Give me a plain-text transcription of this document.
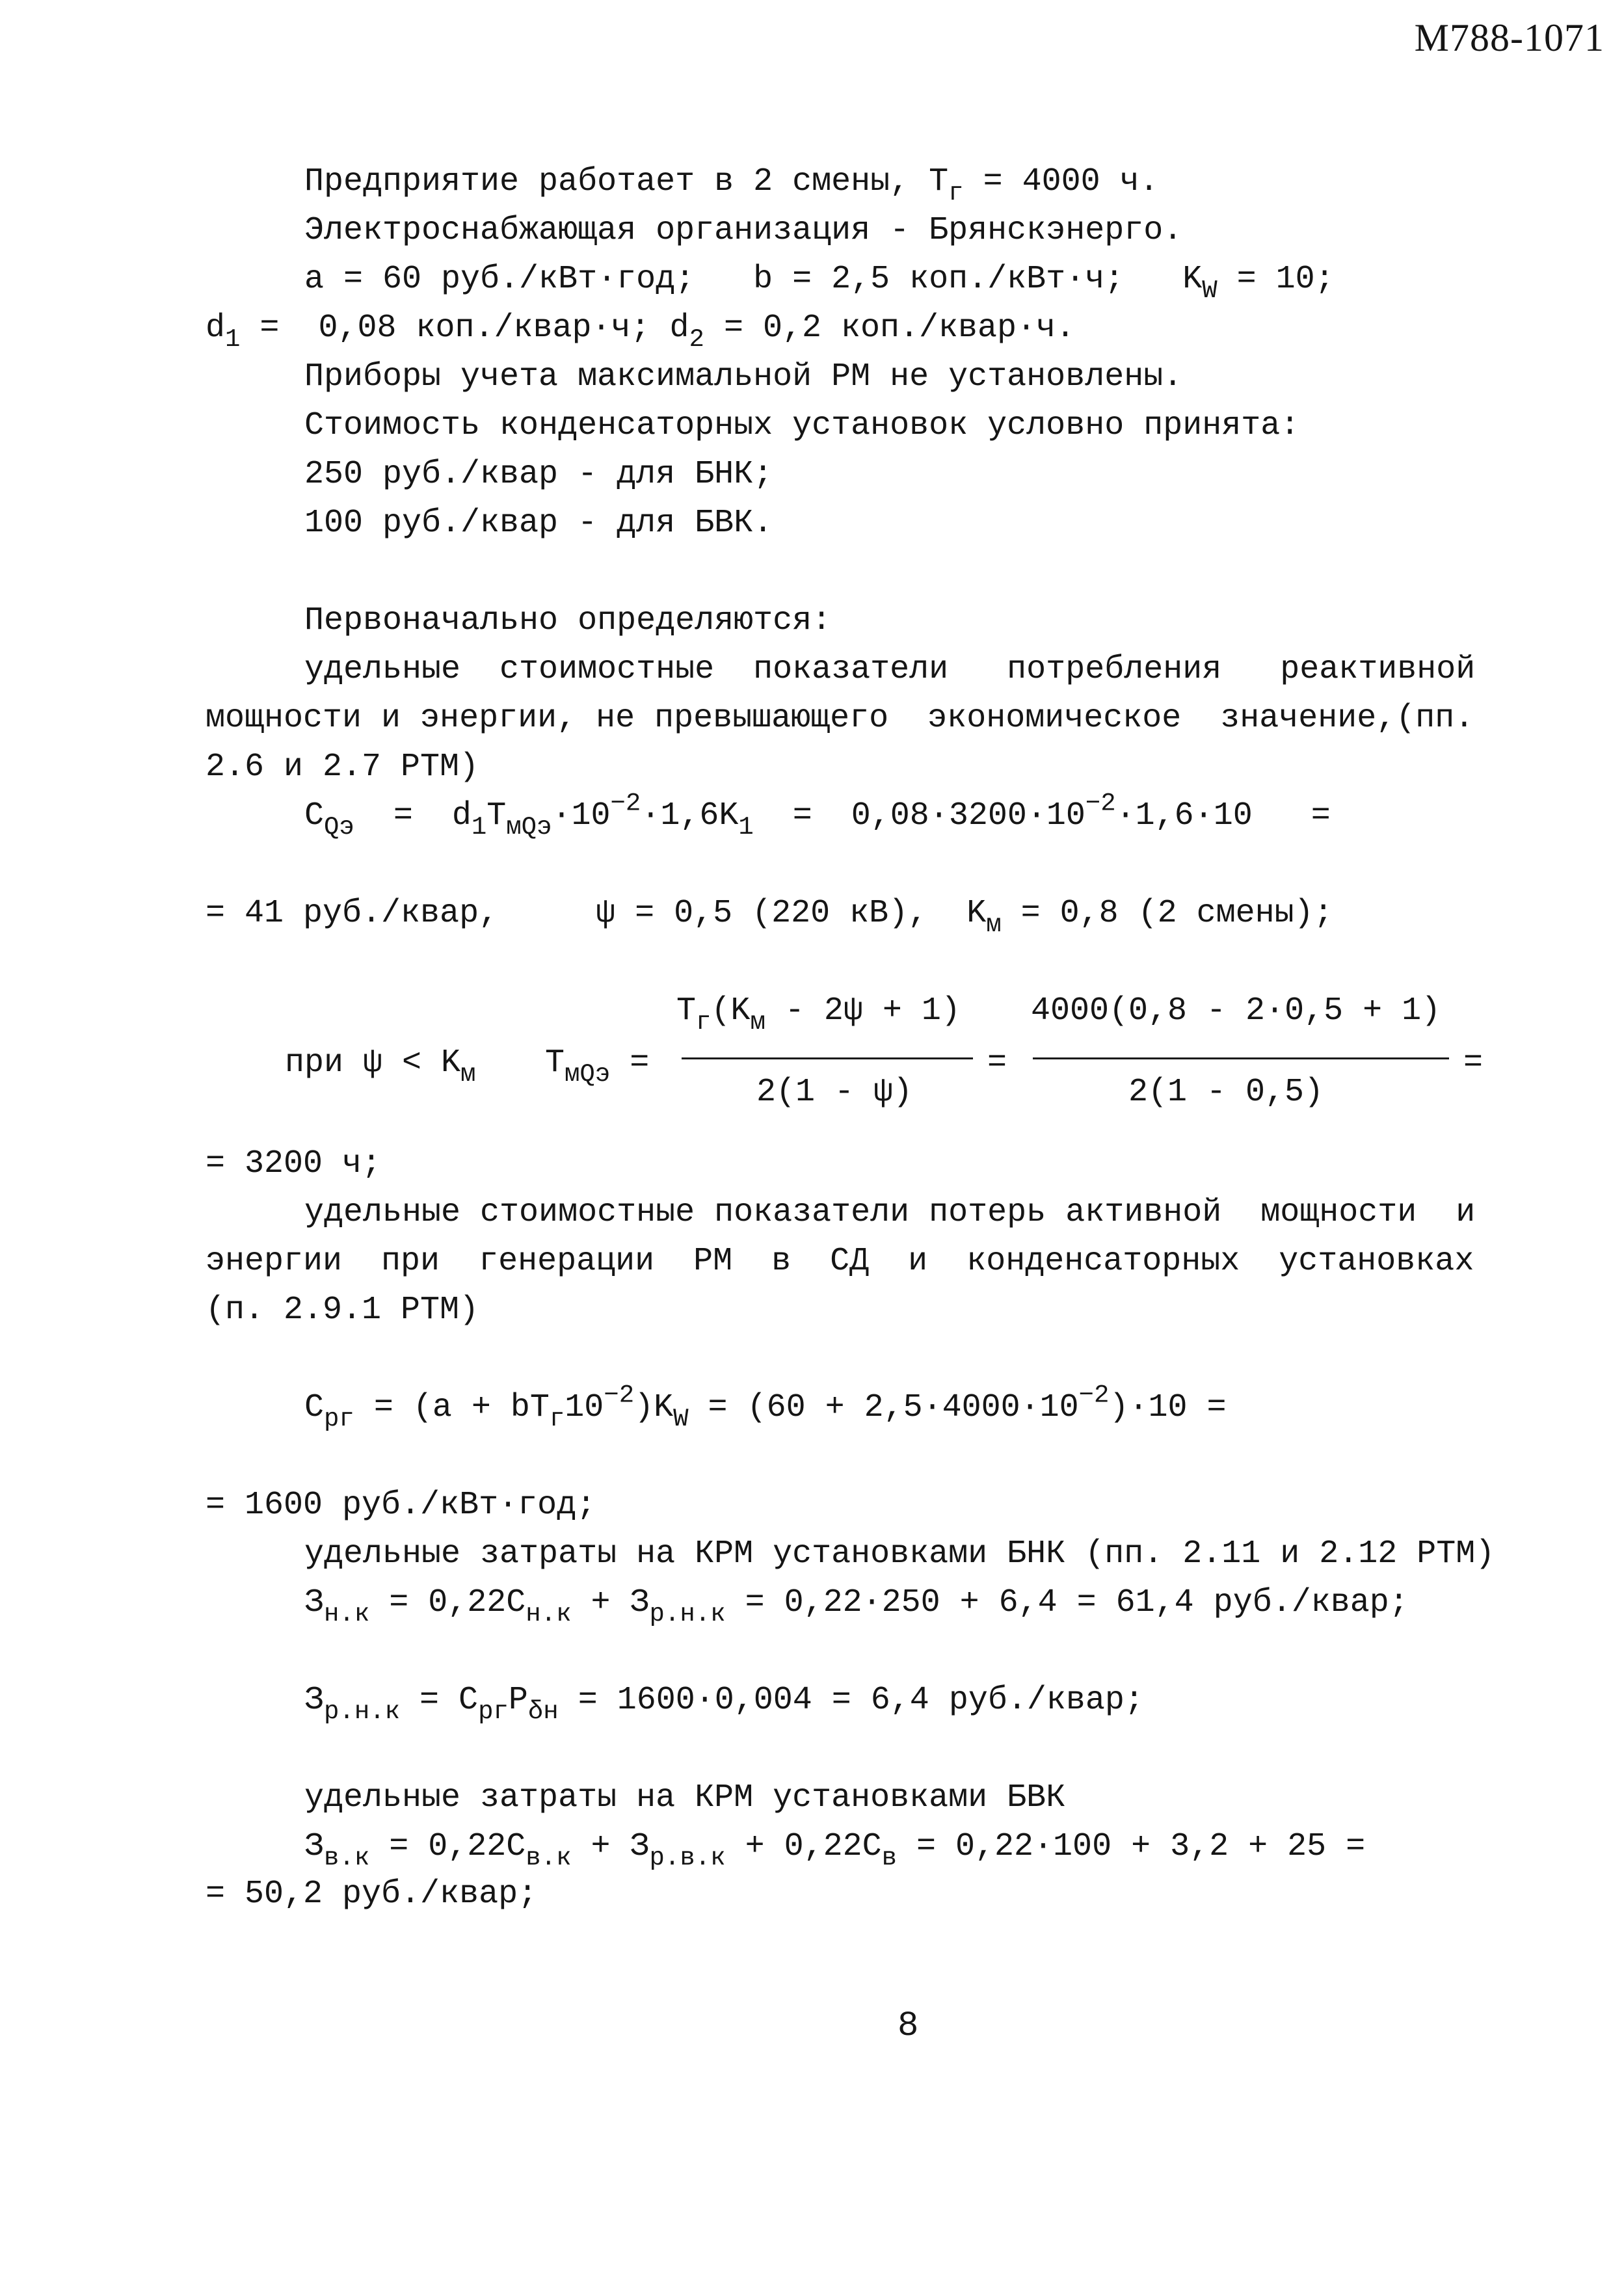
M788-1071
Предприятие работает в 2 смены, $T_г = 4000$ ч.
Электроснабжающая организация - Брянскэнерго.
a = 60 руб./кВт·год;   b = 2,5 коп./кВт·ч;   $K_W = 10$;
$d_1 = 0,08$ коп./квар·ч; $d_2 = 0,2$ коп./квар·ч.
Приборы учета максимальной РМ не установлены.
Стоимость конденсаторных установок условно принята:
250 руб./квар - для БНК;
100 руб./квар - для БВК.
Первоначально определяются:
удельные  стоимостные  показатели   потребления   реактивной
мощности и энергии, не превышающего  экономическое  значение,(пп.
2.6 и 2.7 РТМ)
$C_{Qэ} = d_1T_{мQэ}\cdot 10^{-2}\cdot 1,6K_1 = 0,08\cdot 3200\cdot 10^{-2}\cdot 1,6\cdot 10$   =
= 41 руб./квар,     ψ = 0,5 (220 кВ),  $K_м = 0,8$ (2 смены);
при $\psi < K_м$ $T_{мQэ}$ =
$T_г(K_м - 2\psi + 1)$
2(1 - ψ)
=
4000(0,8 - 2·0,5 + 1)
2(1 - 0,5)
=
= 3200 ч;
удельные стоимостные показатели потерь активной  мощности  и
энергии  при  генерации  РМ  в  СД  и  конденсаторных  установках
(п. 2.9.1 РТМ)
$C_{рг} = (a + bT_г10^{-2})K_W = (60 + 2,5\cdot 4000\cdot 10^{-2})\cdot 10$ =
= 1600 руб./кВт·год;
удельные затраты на КРМ установками БНК (пп. 2.11 и 2.12 РТМ)
$З_{н.к} = 0,22C_{н.к} + З_{р.н.к} = 0,22\cdot 250 + 6,4 = 61,4$ руб./квар;
$З_{р.н.к} = C_{рг}P_{\delta н} = 1600\cdot 0,004 = 6,4$ руб./квар;
удельные затраты на КРМ установками БВК
$З_{в.к} = 0,22C_{в.к} + З_{р.в.к} + 0,22C_в = 0,22\cdot 100 + 3,2 + 25$ =
= 50,2 руб./квар;
8
